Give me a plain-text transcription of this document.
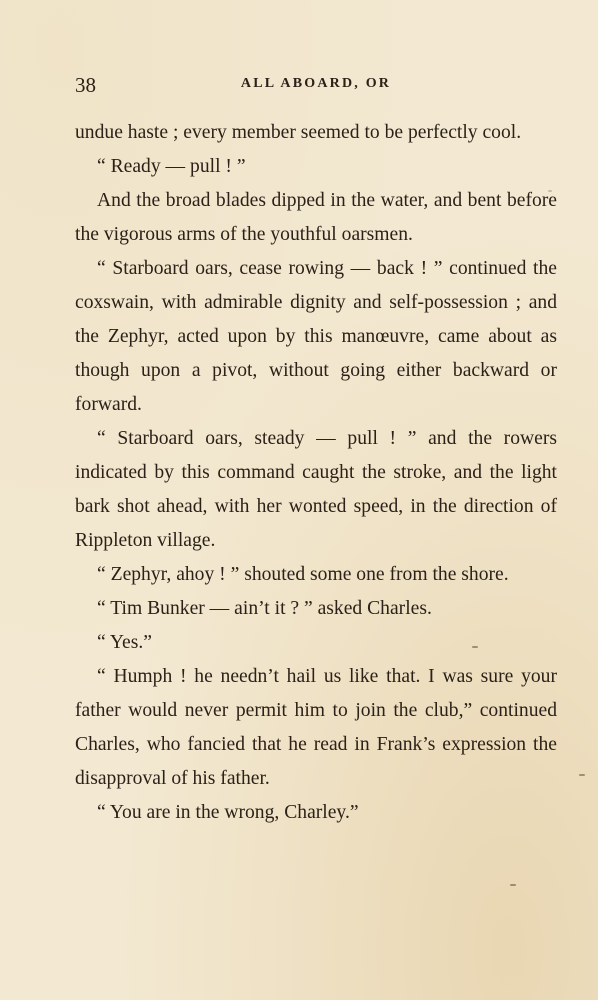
38	ALL ABOARD, OR

undue haste ; every member seemed to be perfectly cool.

“ Ready — pull ! ”

And the broad blades dipped in the water, and bent before the vigorous arms of the youthful oarsmen.

“ Starboard oars, cease rowing — back ! ” continued the coxswain, with admirable dignity and self-possession ; and the Zephyr, acted upon by this manœuvre, came about as though upon a pivot, without going either backward or forward.

“ Starboard oars, steady — pull ! ” and the rowers indicated by this command caught the stroke, and the light bark shot ahead, with her wonted speed, in the direction of Rippleton village.

“ Zephyr, ahoy ! ” shouted some one from the shore.

“ Tim Bunker — ain’t it ? ” asked Charles.

“ Yes.”

“ Humph ! he needn’t hail us like that. I was sure your father would never permit him to join the club,” continued Charles, who fancied that he read in Frank’s expression the disapproval of his father.

“ You are in the wrong, Charley.”
